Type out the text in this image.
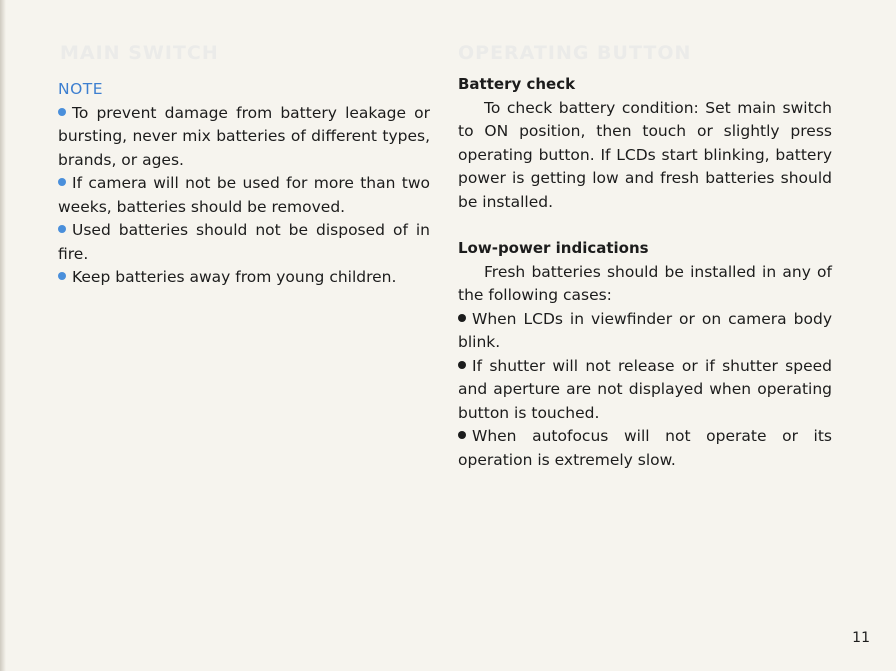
MAIN SWITCH	OPERATING BUTTON

NOTE

To prevent damage from battery leakage or bursting, never mix batteries of different types, brands, or ages.

If camera will not be used for more than two weeks, batteries should be removed.

Used batteries should not be disposed of in fire.

Keep batteries away from young children.

Battery check

To check battery condition: Set main switch to ON position, then touch or slightly press operating button. If LCDs start blinking, battery power is getting low and fresh batteries should be installed.

Low-power indications

Fresh batteries should be installed in any of the following cases:

When LCDs in viewfinder or on camera body blink.

If shutter will not release or if shutter speed and aperture are not displayed when operating button is touched.

When autofocus will not operate or its operation is extremely slow.

11
